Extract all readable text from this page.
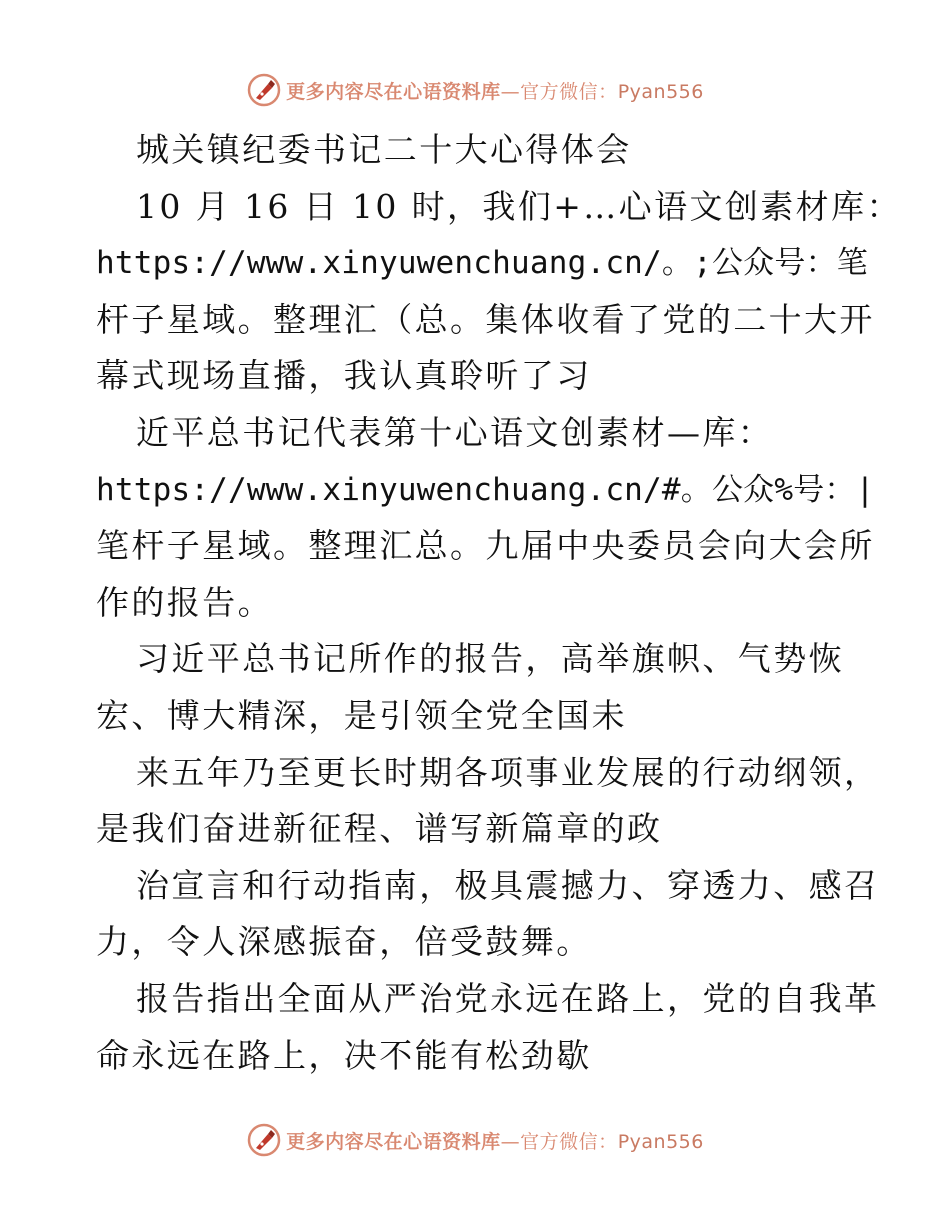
更多内容尽在心语资料库—官方微信：Pyan556
城关镇纪委书记二十大心得体会
10 月 16 日 10 时，我们+…心语文创素材库：
https://www.xinyuwenchuang.cn/。;公众号：笔
杆子星域。整理汇（总。集体收看了党的二十大开
幕式现场直播，我认真聆听了习
近平总书记代表第十心语文创素材—库：
https://www.xinyuwenchuang.cn/#。公众%号：|
笔杆子星域。整理汇总。九届中央委员会向大会所
作的报告。
习近平总书记所作的报告，高举旗帜、气势恢
宏、博大精深，是引领全党全国未
来五年乃至更长时期各项事业发展的行动纲领，
是我们奋进新征程、谱写新篇章的政
治宣言和行动指南，极具震撼力、穿透力、感召
力，令人深感振奋，倍受鼓舞。
报告指出全面从严治党永远在路上，党的自我革
命永远在路上，决不能有松劲歇
更多内容尽在心语资料库—官方微信：Pyan556
